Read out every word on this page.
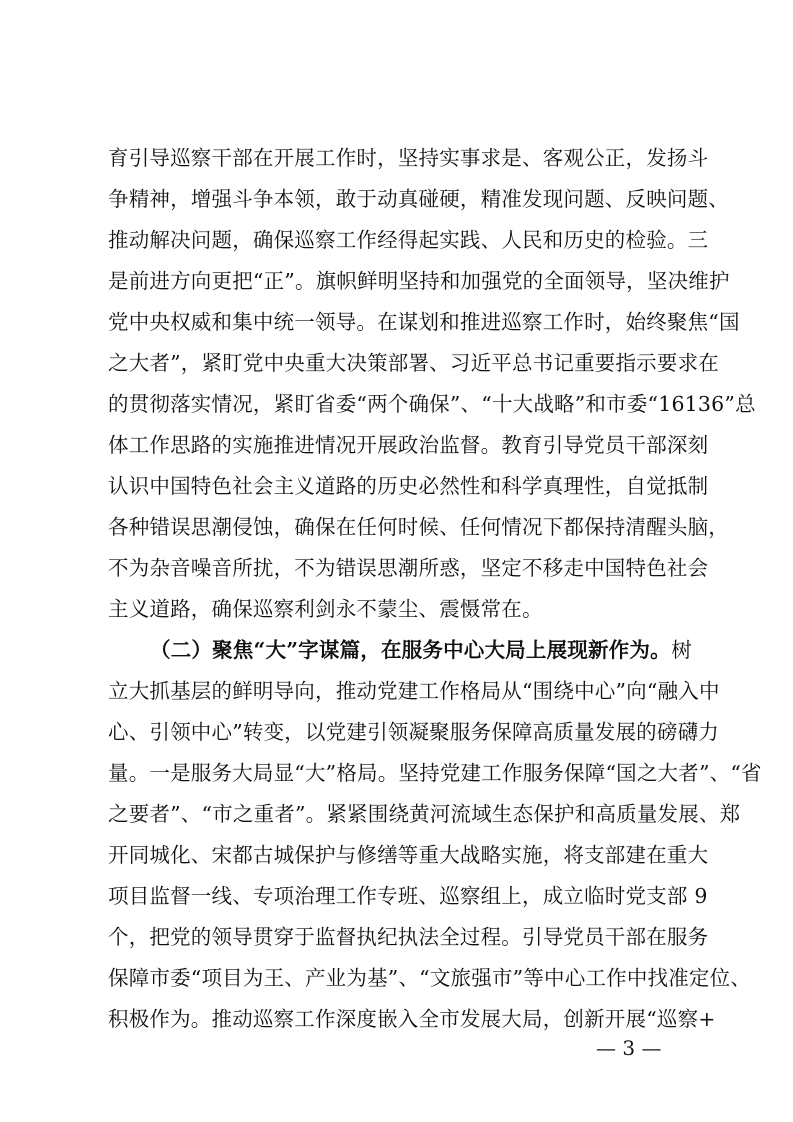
育引导巡察干部在开展工作时，坚持实事求是、客观公正，发扬斗
争精神，增强斗争本领，敢于动真碰硬，精准发现问题、反映问题、
推动解决问题，确保巡察工作经得起实践、人民和历史的检验。三
是前进方向更把“正”。旗帜鲜明坚持和加强党的全面领导，坚决维护
党中央权威和集中统一领导。在谋划和推进巡察工作时，始终聚焦“国
之大者”，紧盯党中央重大决策部署、习近平总书记重要指示要求在
的贯彻落实情况，紧盯省委“两个确保”、“十大战略”和市委“16136”总
体工作思路的实施推进情况开展政治监督。教育引导党员干部深刻
认识中国特色社会主义道路的历史必然性和科学真理性，自觉抵制
各种错误思潮侵蚀，确保在任何时候、任何情况下都保持清醒头脑，
不为杂音噪音所扰，不为错误思潮所惑，坚定不移走中国特色社会
主义道路，确保巡察利剑永不蒙尘、震慑常在。
（二）聚焦“大”字谋篇，在服务中心大局上展现新作为。 树
立大抓基层的鲜明导向，推动党建工作格局从“围绕中心”向“融入中
心、引领中心”转变，以党建引领凝聚服务保障高质量发展的磅礴力
量。一是服务大局显“大”格局。坚持党建工作服务保障“国之大者”、“省
之要者”、“市之重者”。紧紧围绕黄河流域生态保护和高质量发展、郑
开同城化、宋都古城保护与修缮等重大战略实施，将支部建在重大
项目监督一线、专项治理工作专班、巡察组上，成立临时党支部 9
个，把党的领导贯穿于监督执纪执法全过程。引导党员干部在服务
保障市委“项目为王、产业为基”、“文旅强市”等中心工作中找准定位、
积极作为。推动巡察工作深度嵌入全市发展大局，创新开展“巡察+
— 3 —
